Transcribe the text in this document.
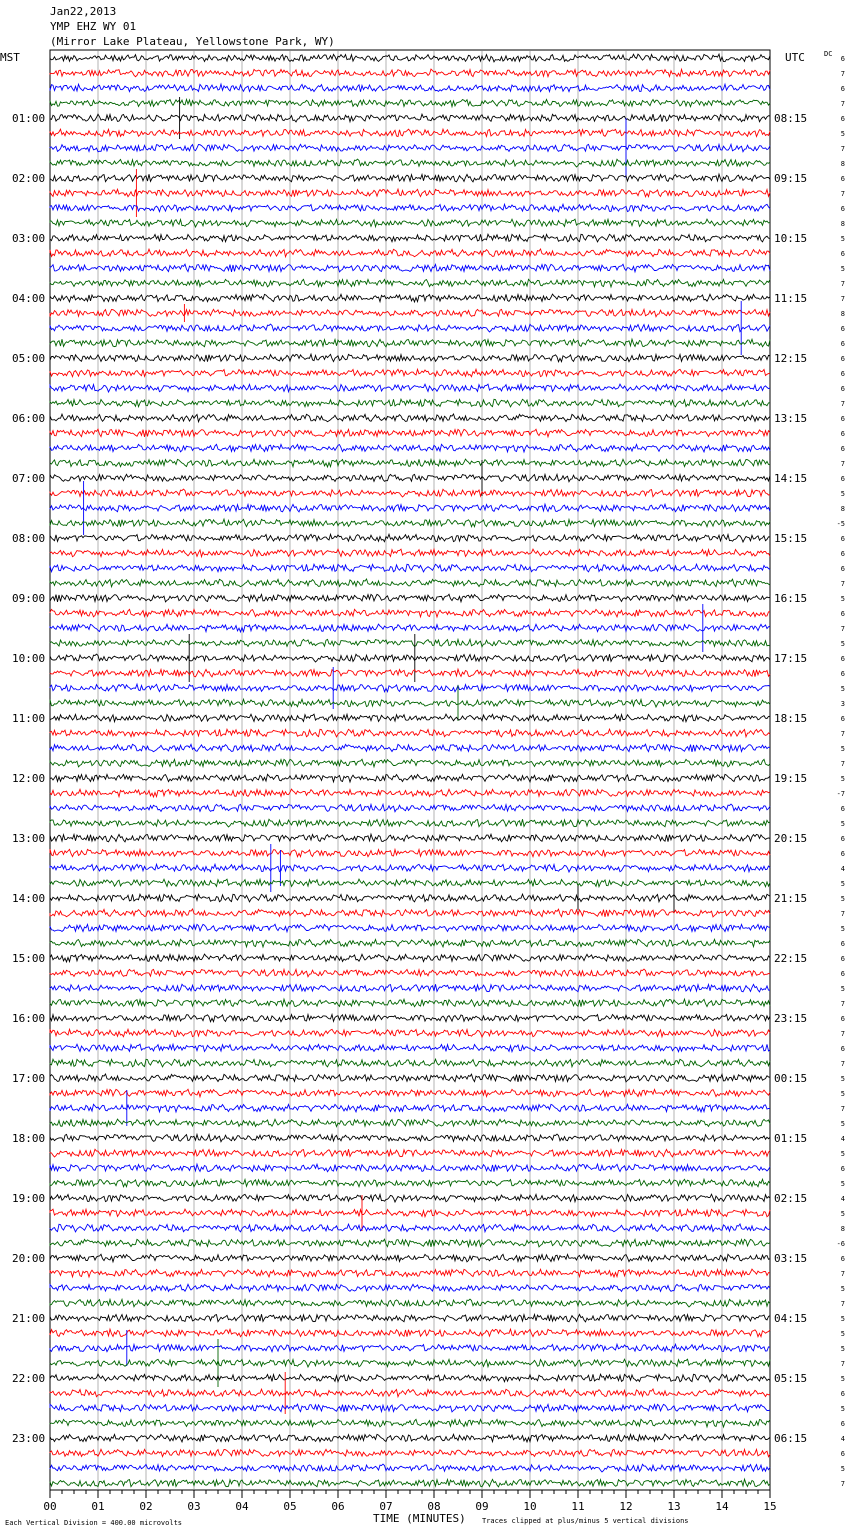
Jan22,2013
YMP EHZ WY 01
(Mirror Lake Plateau, Yellowstone Park, WY)
MST	UTC	DC
01:00
02:00
03:00
04:00
05:00
06:00
07:00
08:00
09:00
10:00
11:00
12:00
13:00
14:00
15:00
16:00
17:00
18:00
19:00
20:00
21:00
22:00
23:00
08:15
09:15
10:15
11:15
12:15
13:15
14:15
15:15
16:15
17:15
18:15
19:15
20:15
21:15
22:15
23:15
00:15
01:15
02:15
03:15
04:15
05:15
06:15
6
7
6
7
6
5
7
8
6
7
6
8
5
6
5
7
7
8
6
6
6
6
6
7
6
6
6
7
6
5
8
-5
6
6
6
7
5
6
7
5
6
6
5
3
6
7
5
7
5
-7
6
5
6
6
4
5
5
7
5
6
6
6
5
7
6
7
6
7
5
5
7
5
4
5
6
5
4
5
8
-6
6
7
5
7
5
5
5
7
5
6
5
6
4
6
5
7
00	01	02	03	04	05	06	07	08	09	10	11	12	13	14	15
Each Vertical Division = 400.00 microvolts	TIME (MINUTES) Traces clipped at plus/minus 5 vertical divisions
